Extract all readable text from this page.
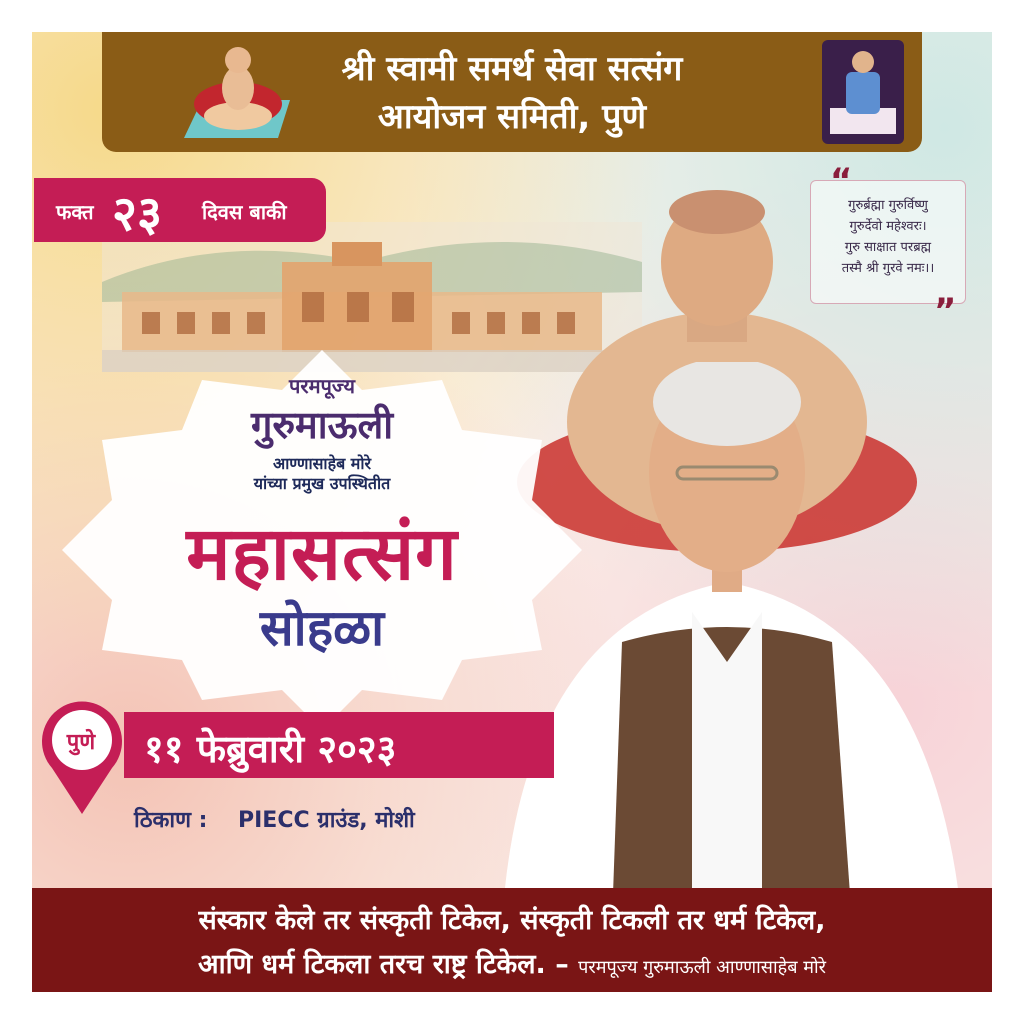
श्री स्वामी समर्थ सेवा सत्संग
आयोजन समिती, पुणे
फक्त २३ दिवस बाकी	गुरुर्ब्रह्मा गुरुर्विष्णु
गुरुर्देवो महेश्वरः।
गुरु साक्षात परब्रह्म
तस्मै श्री गुरवे नमः।।
”
परमपूज्य
गुरुमाऊली
आण्णासाहेब मोरे
यांच्या प्रमुख उपस्थितीत
महासत्संग
सोहळा
११ फेब्रुवारी २०२३
पुणे
ठिकाण : PIECC ग्राउंड, मोशी
संस्कार केले तर संस्कृती टिकेल, संस्कृती टिकली तर धर्म टिकेल,
आणि धर्म टिकला तरच राष्ट्र टिकेल. – परमपूज्य गुरुमाऊली आण्णासाहेब मोरे
